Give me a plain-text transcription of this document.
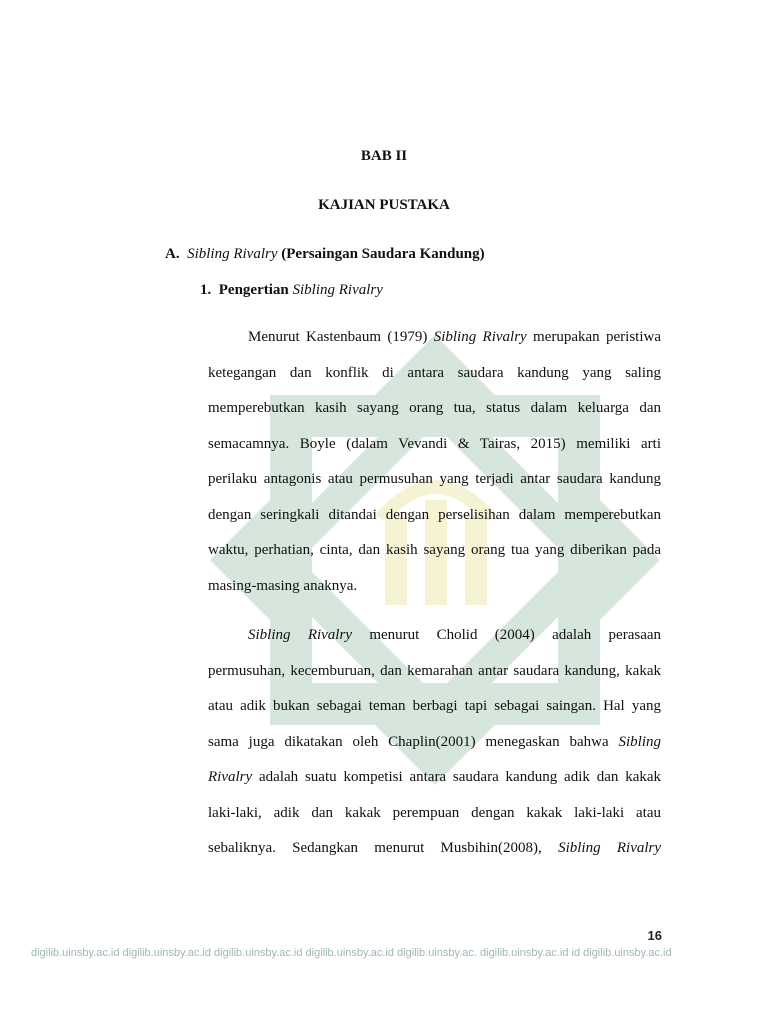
BAB II
KAJIAN PUSTAKA
A. Sibling Rivalry (Persaingan Saudara Kandung)
1. Pengertian Sibling Rivalry
Menurut Kastenbaum (1979) Sibling Rivalry merupakan peristiwa
ketegangan dan konflik di antara saudara kandung yang saling
memperebutkan kasih sayang orang tua, status dalam keluarga dan
semacamnya. Boyle (dalam Vevandi & Tairas, 2015) memiliki arti
perilaku antagonis atau permusuhan yang terjadi antar saudara kandung
dengan seringkali ditandai dengan perselisihan dalam memperebutkan
waktu, perhatian, cinta, dan kasih sayang orang tua yang diberikan pada
masing-masing anaknya.
Sibling Rivalry menurut Cholid (2004) adalah perasaan
permusuhan, kecemburuan, dan kemarahan antar saudara kandung, kakak
atau adik bukan sebagai teman berbagi tapi sebagai saingan. Hal yang
sama juga dikatakan oleh Chaplin(2001) menegaskan bahwa Sibling
Rivalry adalah suatu kompetisi antara saudara kandung adik dan kakak
laki-laki, adik dan kakak perempuan dengan kakak laki-laki atau
sebaliknya. Sedangkan menurut Musbihin(2008), Sibling Rivalry
16
digilib.uinsby.ac.id digilib.uinsby.ac.id digilib.uinsby.ac.id digilib.uinsby.ac.id digilib.uinsby.ac. digilib.uinsby.ac.id id digilib.uinsby.ac.id
